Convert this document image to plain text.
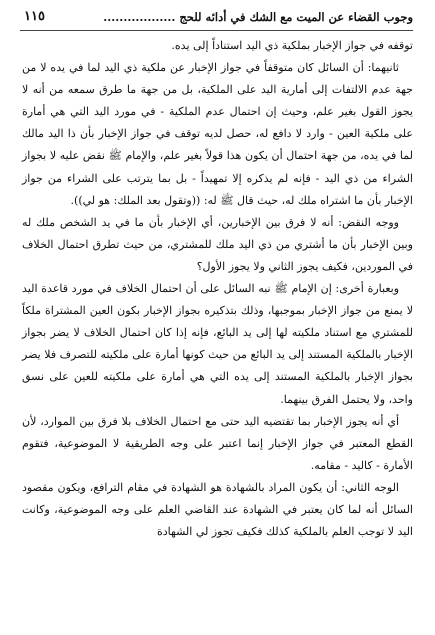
وجوب القضاء عن الميت مع الشك في أدائه للحج ..................
١١٥

توقفه في جواز الإخبار بملكية ذي اليد استناداً إلى يده.

ثانيهما: أن السائل كان متوقفاً في جواز الإخبار عن ملكية ذي اليد لما في يده لا من جهة عدم الالتفات إلى أمارية اليد على الملكية، بل من جهة ما طرق سمعه من أنه لا يجوز القول بغير علم، وحيث إن احتمال عدم الملكية - في مورد اليد التي هي أمارة على ملكية العين - وارد لا دافع له، حصل لديه توقف في جواز الإخبار بأن ذا اليد مالك لما في يده، من جهة احتمال أن يكون هذا قولاً بغير علم، والإمام ﷺ نقض عليه لا بجواز الشراء من ذي اليد - فإنه لم يذكره إلا تمهيداً - بل بما يترتب على الشراء من جواز الإخبار بأن ما اشتراه ملك له، حيث قال ﷺ له: ((وتقول بعد الملك: هو لي)).

ووجه النقض: أنه لا فرق بين الإخبارين، أي الإخبار بأن ما في يد الشخص ملك له وبين الإخبار بأن ما أشتري من ذي اليد ملك للمشتري، من حيث تطرق احتمال الخلاف في الموردين، فكيف يجوز الثاني ولا يجوز الأول؟

وبعبارة أخرى: إن الإمام ﷺ نبه السائل على أن احتمال الخلاف في مورد قاعدة اليد لا يمنع من جواز الإخبار بموجبها، وذلك بتذكيره بجواز الإخبار بكون العين المشتراة ملكاً للمشتري مع استناد ملكيته لها إلى يد البائع، فإنه إذا كان احتمال الخلاف لا يضر بجواز الإخبار بالملكية المستند إلى يد البائع من حيث كونها أمارة على ملكيته للتصرف فلا يضر بجواز الإخبار بالملكية المستند إلى يده التي هي أمارة على ملكيته للعين على نسق واحد، ولا يحتمل الفرق بينهما.

أي أنه يجوز الإخبار بما تقتضيه اليد حتى مع احتمال الخلاف بلا فرق بين الموارد، لأن القطع المعتبر في جواز الإخبار إنما اعتبر على وجه الطريقية لا الموضوعية، فتقوم الأمارة - كاليد - مقامه.

الوجه الثاني: أن يكون المراد بالشهادة هو الشهادة في مقام الترافع، ويكون مقصود السائل أنه لما كان يعتبر في الشهادة عند القاضي العلم على وجه الموضوعية، وكانت اليد لا توجب العلم بالملكية كذلك فكيف تجوز لي الشهادة
